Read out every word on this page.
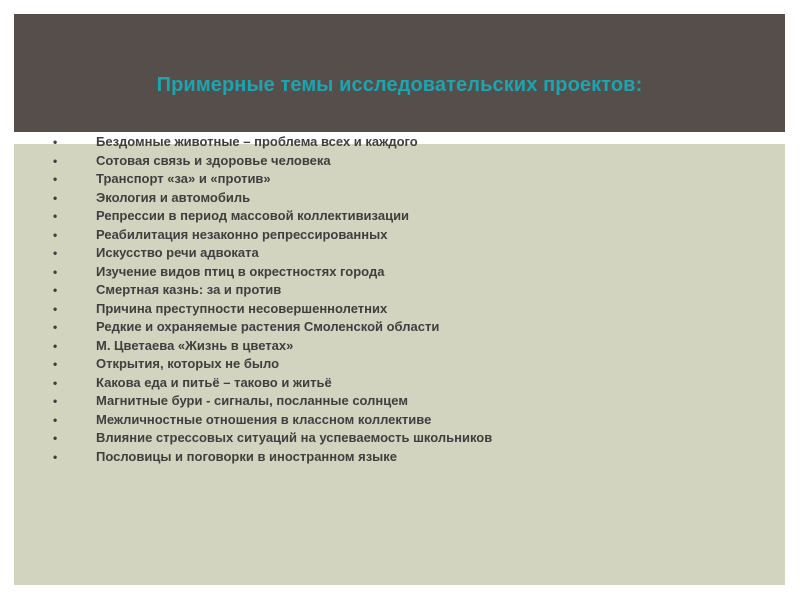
Примерные темы исследовательских проектов:
•	Бездомные животные – проблема всех и каждого
•	Сотовая связь и здоровье человека
•	Транспорт «за» и «против»
•	Экология и автомобиль
•	Репрессии в период массовой коллективизации
•	Реабилитация незаконно репрессированных
•	Искусство речи адвоката
•	Изучение видов птиц в окрестностях города
•	Смертная казнь: за и против
•	Причина преступности несовершеннолетних
•	Редкие и охраняемые растения Смоленской области
•	М. Цветаева «Жизнь в цветах»
•	Открытия, которых не было
•	Какова еда и питьё – таково и житьё
•	Магнитные бури - сигналы, посланные солнцем
•	Межличностные отношения в классном коллективе
•	Влияние стрессовых ситуаций на успеваемость школьников
•	Пословицы и поговорки в иностранном языке
